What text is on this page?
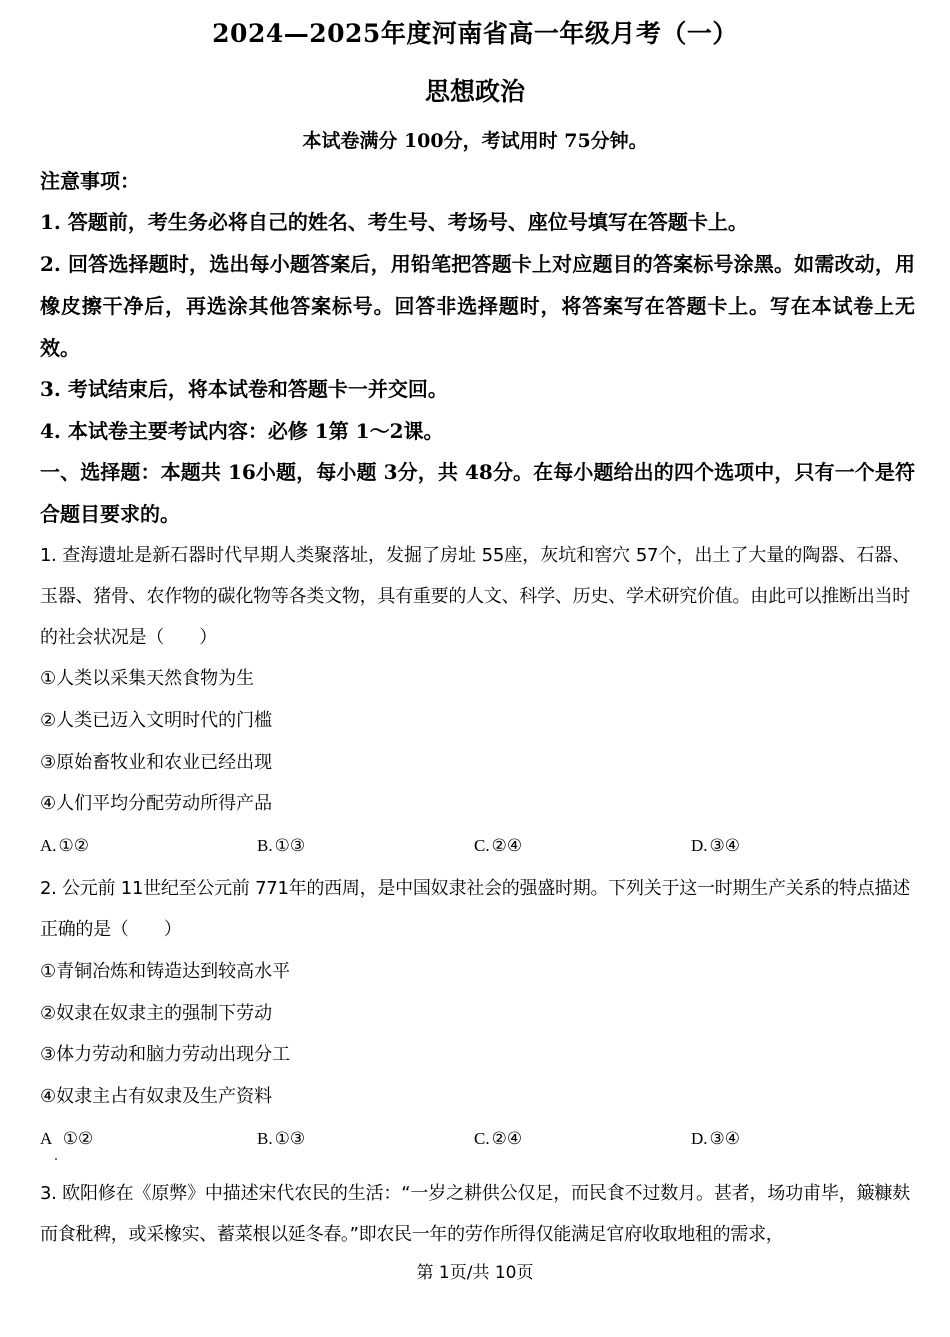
2024—2025年度河南省高一年级月考（一）
思想政治
本试卷满分 100分，考试用时 75分钟。
注意事项：
1. 答题前，考生务必将自己的姓名、考生号、考场号、座位号填写在答题卡上。
2. 回答选择题时，选出每小题答案后，用铅笔把答题卡上对应题目的答案标号涂黑。如需改动，用橡皮擦干净后，再选涂其他答案标号。回答非选择题时，将答案写在答题卡上。写在本试卷上无效。
3. 考试结束后，将本试卷和答题卡一并交回。
4. 本试卷主要考试内容：必修 1第 1～2课。
一、选择题：本题共 16小题，每小题 3分，共 48分。在每小题给出的四个选项中，只有一个是符合题目要求的。
1. 查海遗址是新石器时代早期人类聚落址，发掘了房址 55座，灰坑和窖穴 57个，出土了大量的陶器、石器、玉器、猪骨、农作物的碳化物等各类文物，具有重要的人文、科学、历史、学术研究价值。由此可以推断出当时的社会状况是（　　）
①人类以采集天然食物为生
②人类已迈入文明时代的门槛
③原始畜牧业和农业已经出现
④人们平均分配劳动所得产品
A. ①②	B. ①③	C. ②④	D. ③④
2. 公元前 11世纪至公元前 771年的西周，是中国奴隶社会的强盛时期。下列关于这一时期生产关系的特点描述正确的是（　　）
①青铜冶炼和铸造达到较高水平
②奴隶在奴隶主的强制下劳动
③体力劳动和脑力劳动出现分工
④奴隶主占有奴隶及生产资料
A ①②	B. ①③	C. ②④	D. ③④
3. 欧阳修在《原弊》中描述宋代农民的生活：“一岁之耕供公仅足，而民食不过数月。甚者，场功甫毕，簸糠麸而食秕稗，或采橡实、蓄菜根以延冬春。”即农民一年的劳作所得仅能满足官府收取地租的需求，
第 1页/共 10页
